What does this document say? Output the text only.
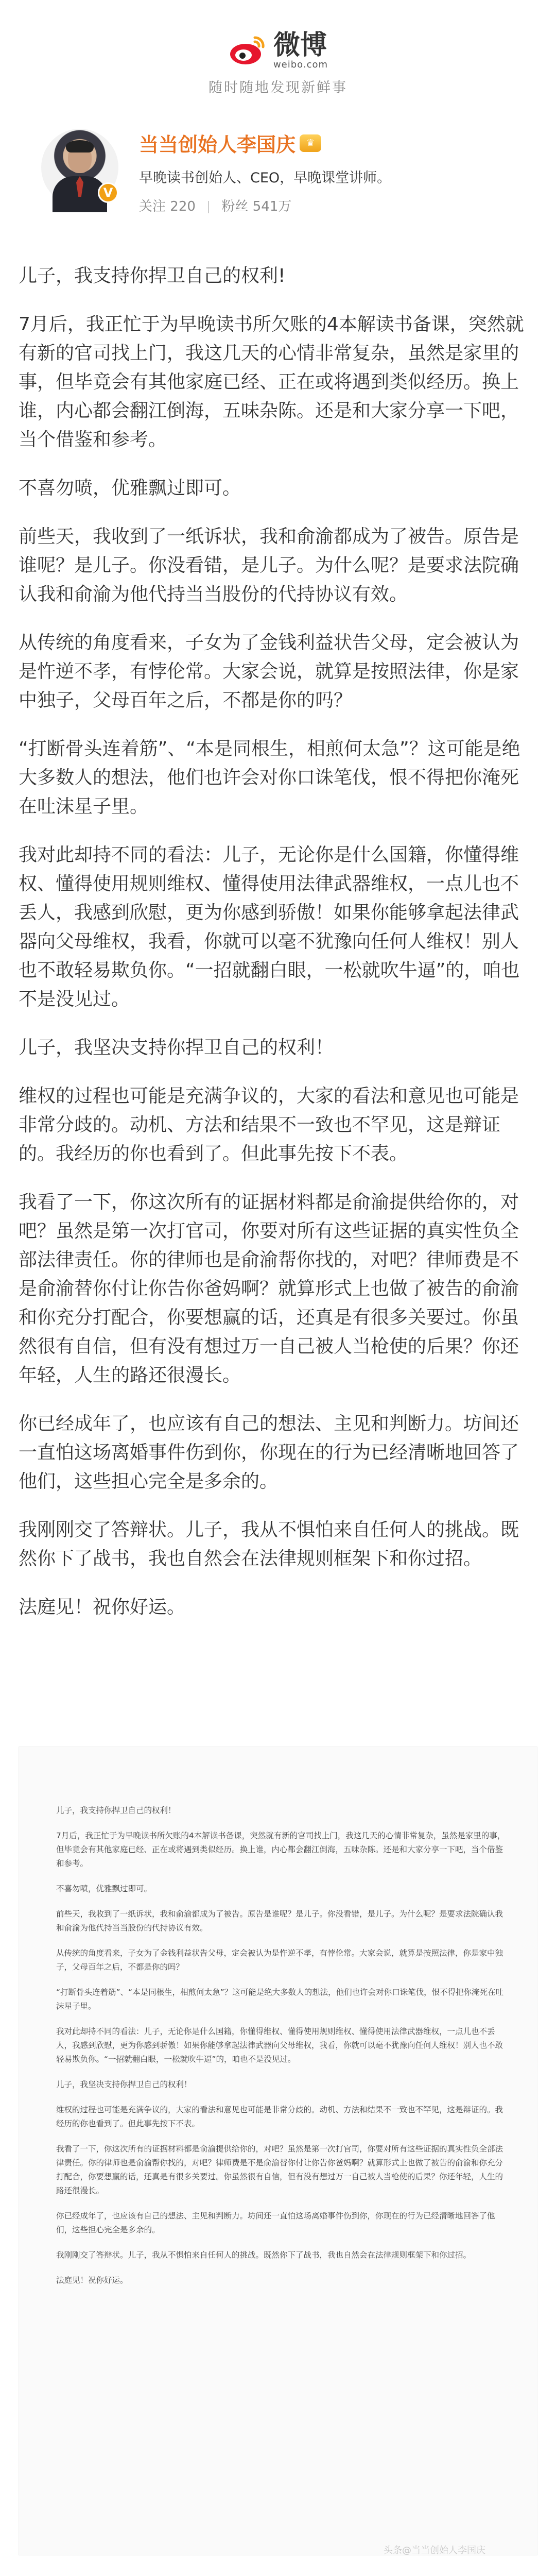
微博
weibo.com
随时随地发现新鲜事
V
当当创始人李国庆	♛
早晚读书创始人、CEO，早晚课堂讲师。
关注 220 粉丝 541万

儿子，我支持你捍卫自己的权利!

7月后，我正忙于为早晚读书所欠账的4本解读书备课，突然就有新的官司找上门，我这几天的心情非常复杂，虽然是家里的事，但毕竟会有其他家庭已经、正在或将遇到类似经历。换上谁，内心都会翻江倒海，五味杂陈。还是和大家分享一下吧，当个借鉴和参考。

不喜勿喷，优雅飘过即可。

前些天，我收到了一纸诉状，我和俞渝都成为了被告。原告是谁呢？是儿子。你没看错，是儿子。为什么呢？是要求法院确认我和俞渝为他代持当当股份的代持协议有效。

从传统的角度看来，子女为了金钱利益状告父母，定会被认为是忤逆不孝，有悖伦常。大家会说，就算是按照法律，你是家中独子，父母百年之后，不都是你的吗？

“打断骨头连着筋”、“本是同根生，相煎何太急”？这可能是绝大多数人的想法，他们也许会对你口诛笔伐，恨不得把你淹死在吐沫星子里。

我对此却持不同的看法：儿子，无论你是什么国籍，你懂得维权、懂得使用规则维权、懂得使用法律武器维权，一点儿也不丢人，我感到欣慰，更为你感到骄傲！如果你能够拿起法律武器向父母维权，我看，你就可以毫不犹豫向任何人维权！别人也不敢轻易欺负你。“一招就翻白眼，一松就吹牛逼”的，咱也不是没见过。

儿子，我坚决支持你捍卫自己的权利！

维权的过程也可能是充满争议的，大家的看法和意见也可能是非常分歧的。动机、方法和结果不一致也不罕见，这是辩证的。我经历的你也看到了。但此事先按下不表。

我看了一下，你这次所有的证据材料都是俞渝提供给你的，对吧？虽然是第一次打官司，你要对所有这些证据的真实性负全部法律责任。你的律师也是俞渝帮你找的，对吧？律师费是不是俞渝替你付让你告你爸妈啊？就算形式上也做了被告的俞渝和你充分打配合，你要想赢的话，还真是有很多关要过。你虽然很有自信，但有没有想过万一自己被人当枪使的后果？你还年轻，人生的路还很漫长。

你已经成年了，也应该有自己的想法、主见和判断力。坊间还一直怕这场离婚事件伤到你，你现在的行为已经清晰地回答了他们，这些担心完全是多余的。

我刚刚交了答辩状。儿子，我从不惧怕来自任何人的挑战。既然你下了战书，我也自然会在法律规则框架下和你过招。

法庭见！祝你好运。

儿子，我支持你捍卫自己的权利！

7月后，我正忙于为早晚读书所欠账的4本解读书备课，突然就有新的官司找上门，我这几天的心情非常复杂，虽然是家里的事，但毕竟会有其他家庭已经、正在或将遇到类似经历。换上谁，内心都会翻江倒海，五味杂陈。还是和大家分享一下吧，当个借鉴和参考。

不喜勿喷，优雅飘过即可。

前些天，我收到了一纸诉状，我和俞渝都成为了被告。原告是谁呢？是儿子。你没看错，是儿子。为什么呢？是要求法院确认我和俞渝为他代持当当股份的代持协议有效。

从传统的角度看来，子女为了金钱利益状告父母，定会被认为是忤逆不孝，有悖伦常。大家会说，就算是按照法律，你是家中独子，父母百年之后，不都是你的吗？

“打断骨头连着筋”、“本是同根生，相煎何太急”？这可能是绝大多数人的想法，他们也许会对你口诛笔伐，恨不得把你淹死在吐沫星子里。

我对此却持不同的看法：儿子，无论你是什么国籍，你懂得维权、懂得使用规则维权、懂得使用法律武器维权，一点儿也不丢人，我感到欣慰，更为你感到骄傲！如果你能够拿起法律武器向父母维权，我看，你就可以毫不犹豫向任何人维权！别人也不敢轻易欺负你。“一招就翻白眼，一松就吹牛逼”的，咱也不是没见过。

儿子，我坚决支持你捍卫自己的权利！

维权的过程也可能是充满争议的，大家的看法和意见也可能是非常分歧的。动机、方法和结果不一致也不罕见，这是辩证的。我经历的你也看到了。但此事先按下不表。

我看了一下，你这次所有的证据材料都是俞渝提供给你的，对吧？虽然是第一次打官司，你要对所有这些证据的真实性负全部法律责任。你的律师也是俞渝帮你找的，对吧？律师费是不是俞渝替你付让你告你爸妈啊？就算形式上也做了被告的俞渝和你充分打配合，你要想赢的话，还真是有很多关要过。你虽然很有自信，但有没有想过万一自己被人当枪使的后果？你还年轻，人生的路还很漫长。

你已经成年了，也应该有自己的想法、主见和判断力。坊间还一直怕这场离婚事件伤到你，你现在的行为已经清晰地回答了他们，这些担心完全是多余的。

我刚刚交了答辩状。儿子，我从不惧怕来自任何人的挑战。既然你下了战书，我也自然会在法律规则框架下和你过招。

法庭见！祝你好运。

头条@当当创始人李国庆
